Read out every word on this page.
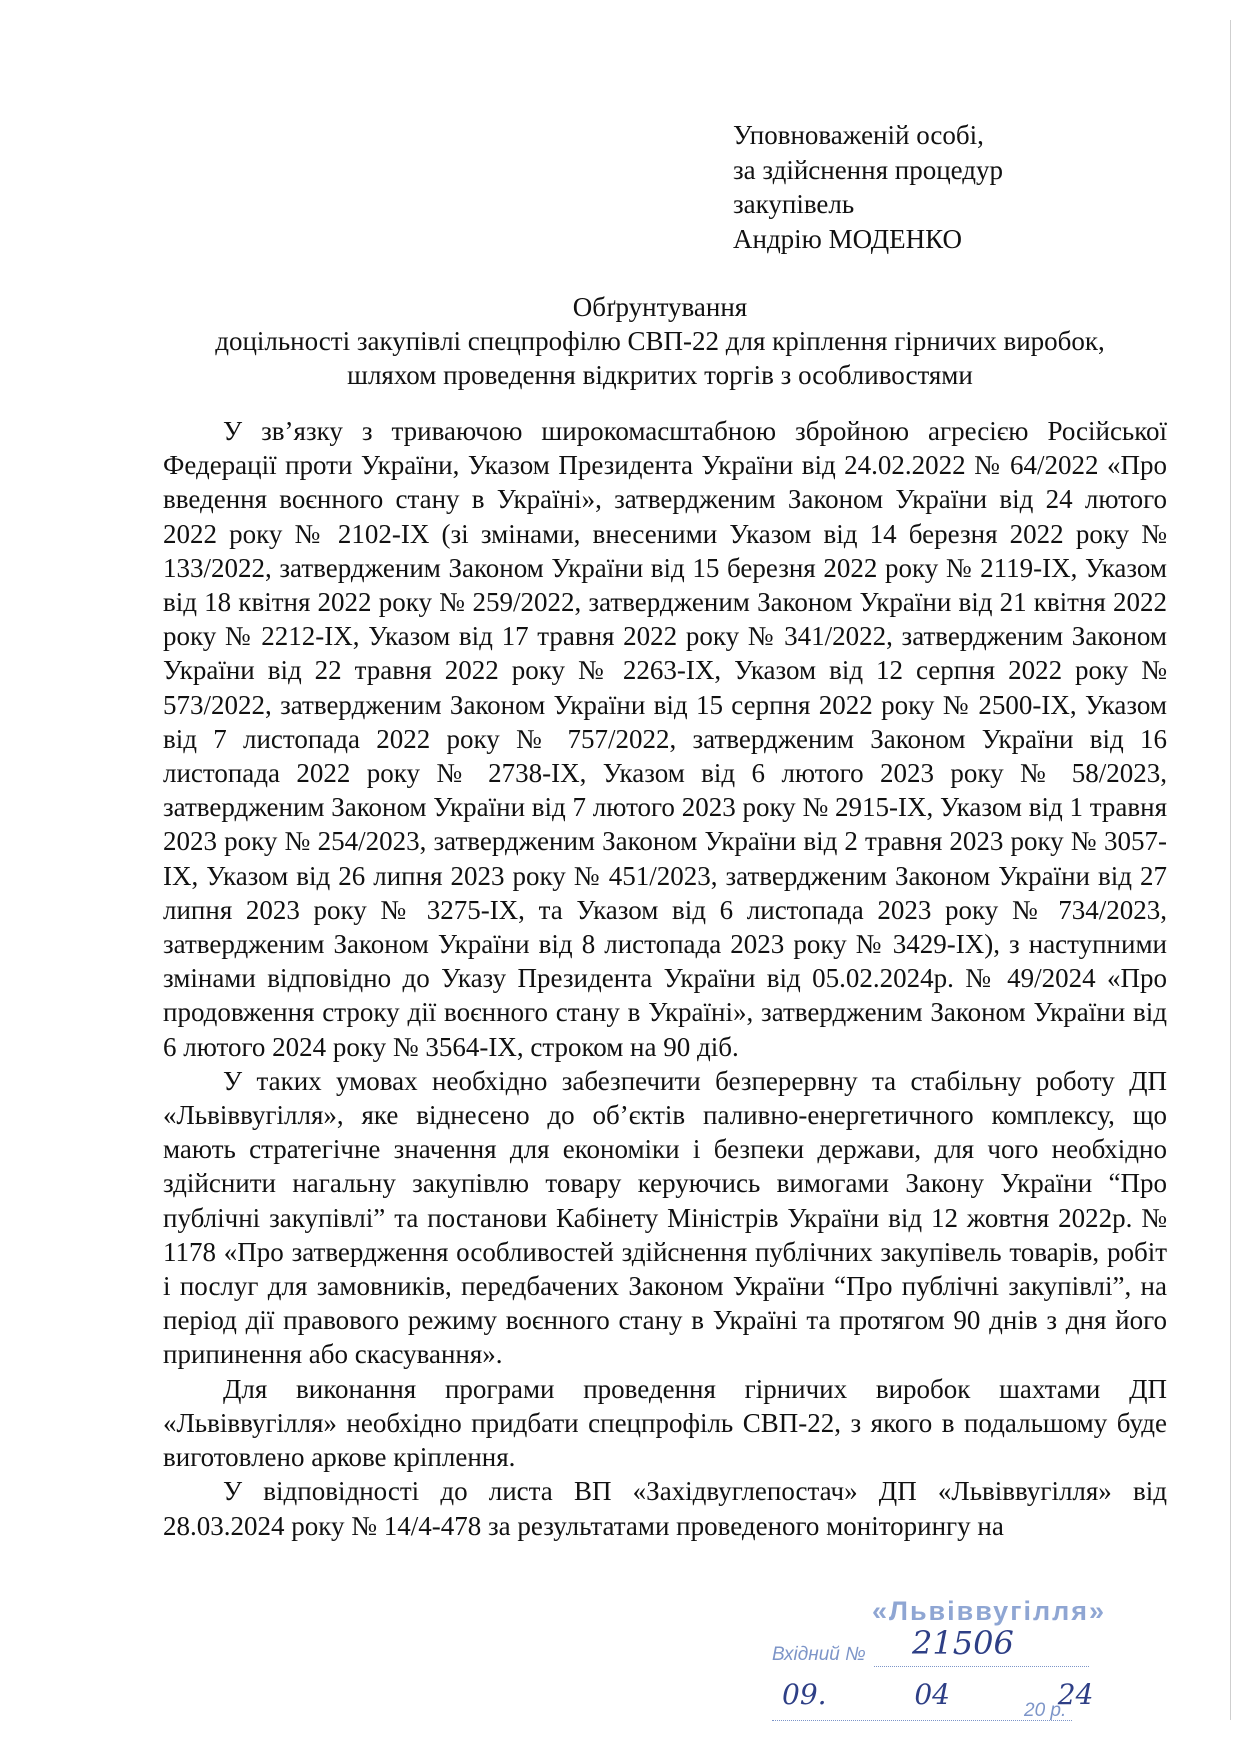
Уповноваженій особі,
за здійснення процедур
закупівель
Андрію МОДЕНКО
Обґрунтування
доцільності закупівлі спецпрофілю СВП-22 для кріплення гірничих виробок,
шляхом проведення відкритих торгів з особливостями

У зв’язку з триваючою широкомасштабною збройною агресією Російської Федерації проти України, Указом Президента України від 24.02.2022 № 64/2022 «Про введення воєнного стану в Україні», затвердженим Законом України від 24 лютого 2022 року № 2102-IX (зі змінами, внесеними Указом від 14 березня 2022 року № 133/2022, затвердженим Законом України від 15 березня 2022 року № 2119-IX, Указом від 18 квітня 2022 року № 259/2022, затвердженим Законом України від 21 квітня 2022 року № 2212-IX, Указом від 17 травня 2022 року № 341/2022, затвердженим Законом України від 22 травня 2022 року № 2263-IX, Указом від 12 серпня 2022 року № 573/2022, затвердженим Законом України від 15 серпня 2022 року № 2500-IX, Указом від 7 листопада 2022 року № 757/2022, затвердженим Законом України від 16 листопада 2022 року № 2738-IX, Указом від 6 лютого 2023 року № 58/2023, затвердженим Законом України від 7 лютого 2023 року № 2915-IX, Указом від 1 травня 2023 року № 254/2023, затвердженим Законом України від 2 травня 2023 року № 3057-IX, Указом від 26 липня 2023 року № 451/2023, затвердженим Законом України від 27 липня 2023 року № 3275-IX, та Указом від 6 листопада 2023 року № 734/2023, затвердженим Законом України від 8 листопада 2023 року № 3429-IX), з наступними змінами відповідно до Указу Президента України від 05.02.2024р. № 49/2024 «Про продовження строку дії воєнного стану в Україні», затвердженим Законом України від 6 лютого 2024 року № 3564-IX, строком на 90 діб.

У таких умовах необхідно забезпечити безперервну та стабільну роботу ДП «Львіввугілля», яке віднесено до об’єктів паливно-енергетичного комплексу, що мають стратегічне значення для економіки і безпеки держави, для чого необхідно здійснити нагальну закупівлю товару керуючись вимогами Закону України “Про публічні закупівлі” та постанови Кабінету Міністрів України від 12 жовтня 2022р. № 1178 «Про затвердження особливостей здійснення публічних закупівель товарів, робіт і послуг для замовників, передбачених Законом України “Про публічні закупівлі”, на період дії правового режиму воєнного стану в Україні та протягом 90 днів з дня його припинення або скасування».

Для виконання програми проведення гірничих виробок шахтами ДП «Львіввугілля» необхідно придбати спецпрофіль СВП-22, з якого в подальшому буде виготовлено аркове кріплення.

У відповідності до листа ВП «Західвуглепостач» ДП «Львіввугілля» від 28.03.2024 року № 14/4-478 за результатами проведеного моніторингу на

«Львіввугілля»
Вхідний № 21506
09.	04	24
20 р.
